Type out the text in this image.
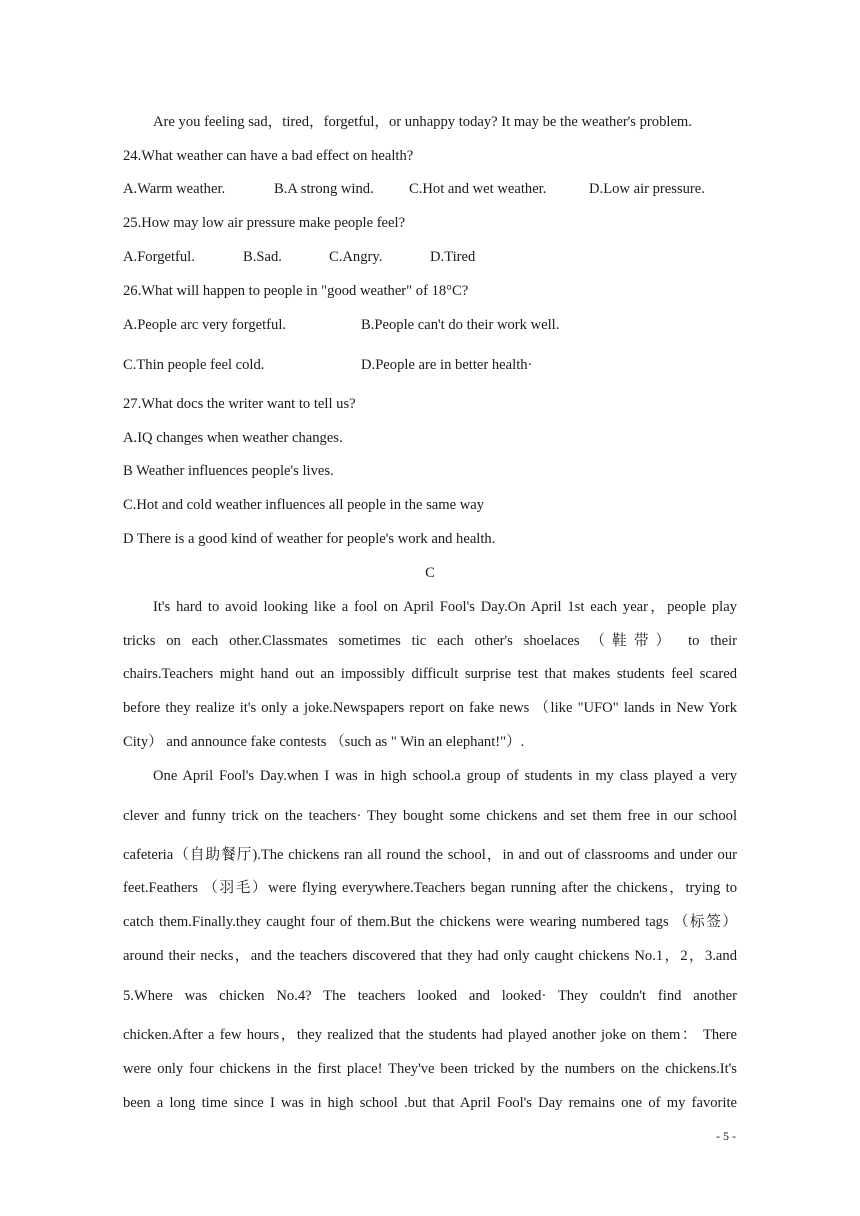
Are you feeling sad，tired，forgetful，or unhappy today? It may be the weather's problem.
24.What weather can have a bad effect on health?
A.Warm weather.	B.A strong wind. C.Hot and wet weather.	D.Low air pressure.
25.How may low air pressure make people feel?
A.Forgetful.	B.Sad.	C.Angry.	D.Tired
26.What will happen to people in "good weather" of 18°C?
A.People arc very forgetful.	B.People can't do their work well.
C.Thin people feel cold.	D.People are in better health·
27.What docs the writer want to tell us?
A.IQ changes when weather changes.
B Weather influences people's lives.
C.Hot and cold weather influences all people in the same way
D There is a good kind of weather for people's work and health.
C
It's hard to avoid looking like a fool on April Fool's Day.On April 1st each year，people play
tricks on each other.Classmates sometimes tic each other's shoelaces （鞋带） to their
chairs.Teachers might hand out an impossibly difficult surprise test that makes students feel scared
before they realize it's only a joke.Newspapers report on fake news （like "UFO" lands in New York
City） and announce fake contests （such as " Win an elephant!"）.
One April Fool's Day.when I was in high school.a group of students in my class played a very
clever and funny trick on the teachers· They bought some chickens and set them free in our school
cafeteria（自助餐厅).The chickens ran all round the school，in and out of classrooms and under our
feet.Feathers （羽毛）were flying everywhere.Teachers began running after the chickens，trying to
catch them.Finally.they caught four of them.But the chickens were wearing numbered tags （标签）
around their necks，and the teachers discovered that they had only caught chickens No.1，2，3.and
5.Where was chicken No.4? The teachers looked and looked· They couldn't find another
chicken.After a few hours，they realized that the students had played another joke on them： There
were only four chickens in the first place! They've been tricked by the numbers on the chickens.It's
been a long time since I was in high school .but that April Fool's Day remains one of my favorite
- 5 -
